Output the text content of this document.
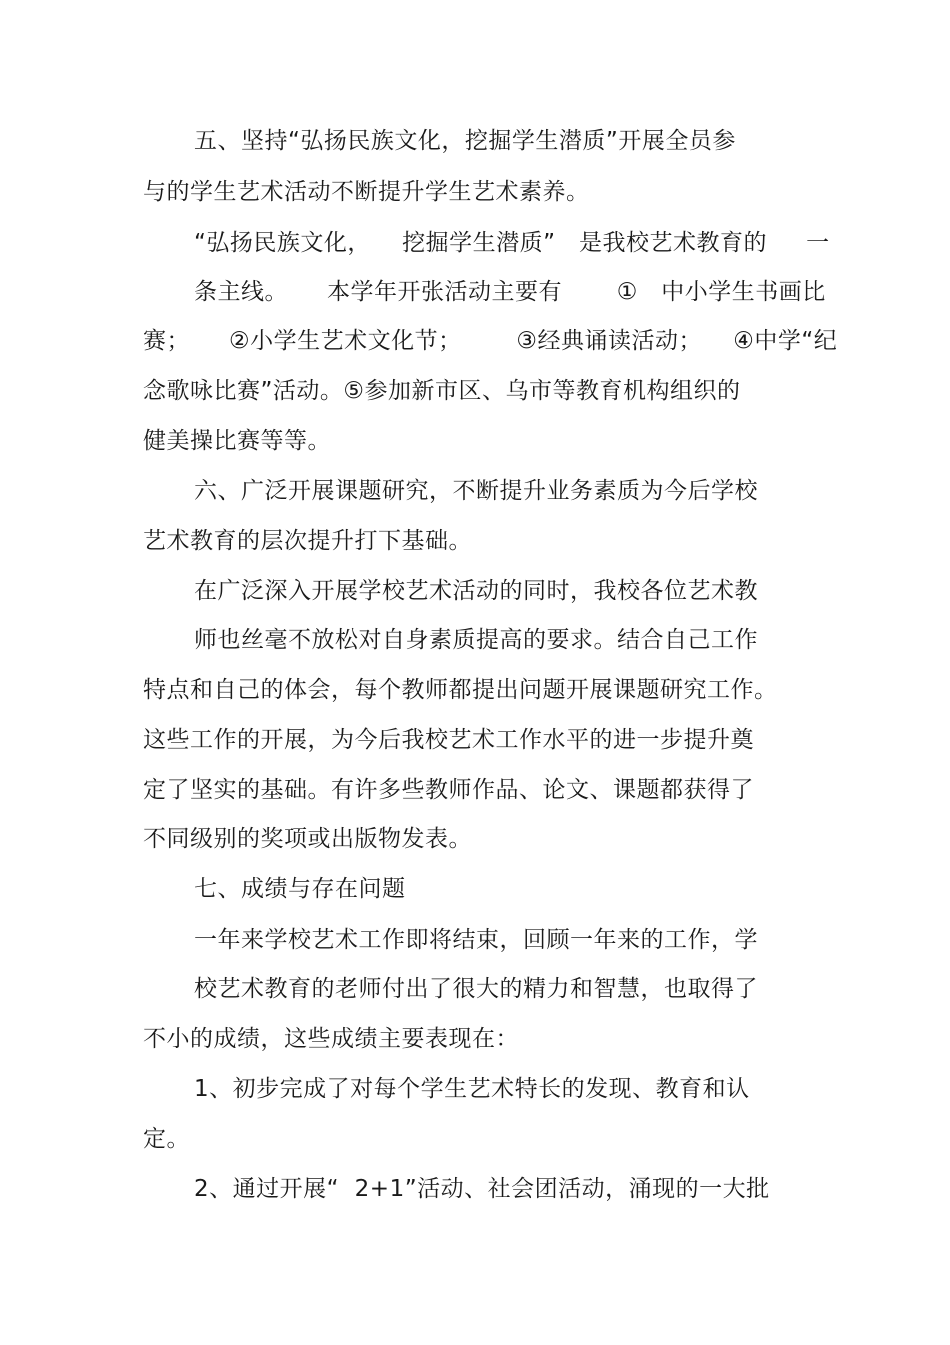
五、坚持“弘扬民族文化，挖掘学生潜质”开展全员参
与的学生艺术活动不断提升学生艺术素养。
“弘扬民族文化，    挖掘学生潜质”   是我校艺术教育的     一
条主线。     本学年开张活动主要有       ①   中小学生书画比
赛；     ②小学生艺术文化节；       ③经典诵读活动；    ④中学“纪
念歌咏比赛”活动。⑤参加新市区、乌市等教育机构组织的
健美操比赛等等。
六、广泛开展课题研究，不断提升业务素质为今后学校
艺术教育的层次提升打下基础。
在广泛深入开展学校艺术活动的同时，我校各位艺术教
师也丝毫不放松对自身素质提高的要求。结合自己工作
特点和自己的体会，每个教师都提出问题开展课题研究工作。
这些工作的开展，为今后我校艺术工作水平的进一步提升奠
定了坚实的基础。有许多些教师作品、论文、课题都获得了
不同级别的奖项或出版物发表。
七、成绩与存在问题
一年来学校艺术工作即将结束，回顾一年来的工作，学
校艺术教育的老师付出了很大的精力和智慧，也取得了
不小的成绩，这些成绩主要表现在：
1、初步完成了对每个学生艺术特长的发现、教育和认
定。
2、通过开展“  2+1”活动、社会团活动，涌现的一大批
